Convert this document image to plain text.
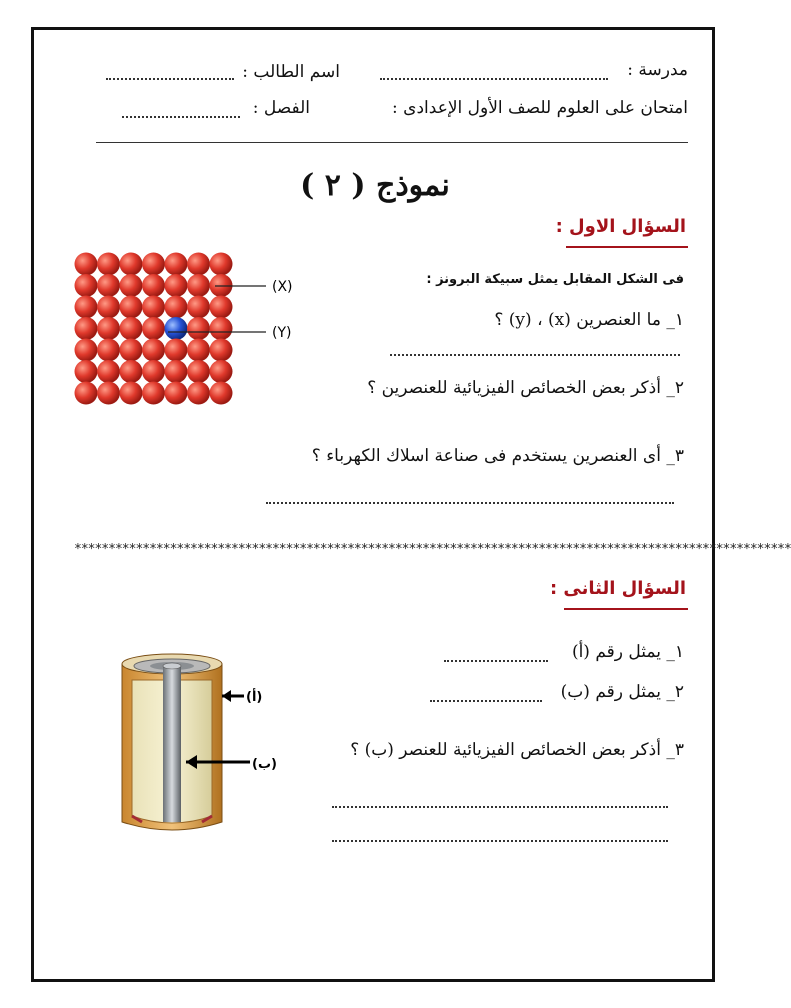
مدرسة :
اسم الطالب :
امتحان على العلوم للصف الأول الإعدادى :
الفصل :
نموذج ( ٢ )
السؤال الاول :
(X)
(Y)
فى الشكل المقابل يمثل سبيكة البرونز :
١_ ما العنصرين (x) ، (y) ؟
٢_ أذكر بعض الخصائص الفيزيائية للعنصرين ؟
٣_ أى العنصرين يستخدم فى صناعة اسلاك الكهرباء ؟
*********************************************************************************************************
السؤال الثانى :
(أ)
(ب)
١_ يمثل رقم (أ)
٢_ يمثل رقم (ب)
٣_ أذكر بعض الخصائص الفيزيائية للعنصر (ب) ؟
